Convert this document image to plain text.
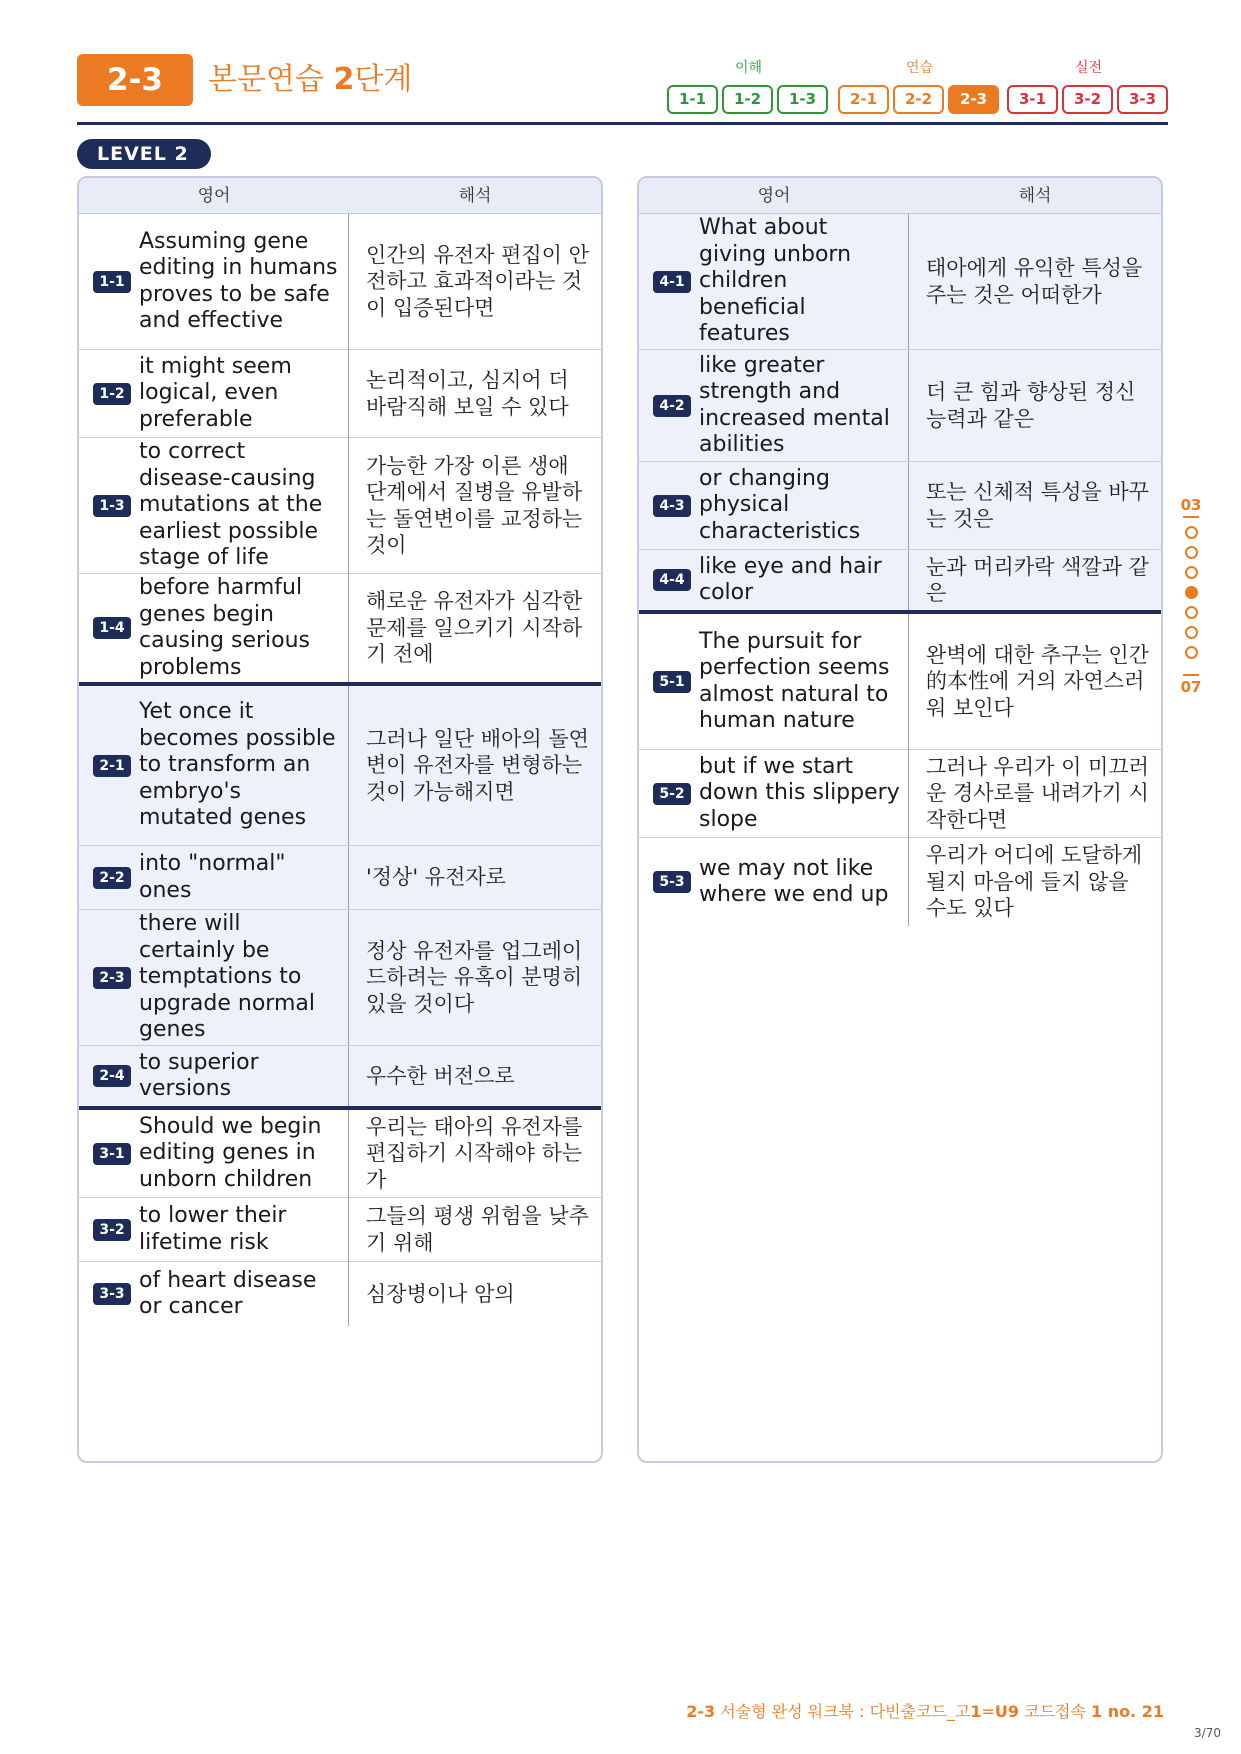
2-3	본문연습 2단계	이해
1-1	1-2	1-3
연습
2-1	2-2	2-3
실전
3-1	3-2	3-3
LEVEL 2
영어	해석
1-1
Assuming gene editing in humans proves to be safe and effective
인간의 유전자 편집이 안전하고 효과적이라는 것이 입증된다면
1-2
it might seem logical, even preferable
논리적이고, 심지어 더 바람직해 보일 수 있다
1-3
to correct disease-causing mutations at the earliest possible stage of life
가능한 가장 이른 생애 단계에서 질병을 유발하는 돌연변이를 교정하는 것이
1-4
before harmful genes begin causing serious problems
해로운 유전자가 심각한 문제를 일으키기 시작하기 전에
2-1
Yet once it becomes possible to transform an embryo's mutated genes
그러나 일단 배아의 돌연변이 유전자를 변형하는 것이 가능해지면
2-2
into "normal" ones
'정상' 유전자로
2-3
there will certainly be temptations to upgrade normal genes
정상 유전자를 업그레이드하려는 유혹이 분명히 있을 것이다
2-4
to superior versions
우수한 버전으로
3-1
Should we begin editing genes in unborn children
우리는 태아의 유전자를 편집하기 시작해야 하는가
3-2
to lower their lifetime risk
그들의 평생 위험을 낮추기 위해
3-3
of heart disease or cancer
심장병이나 암의
영어	해석
4-1
What about giving unborn children beneficial features
태아에게 유익한 특성을 주는 것은 어떠한가
4-2
like greater strength and increased mental abilities
더 큰 힘과 향상된 정신 능력과 같은
4-3
or changing physical characteristics
또는 신체적 특성을 바꾸는 것은
4-4
like eye and hair color
눈과 머리카락 색깔과 같은
5-1
The pursuit for perfection seems almost natural to human nature
완벽에 대한 추구는 인간的本性에 거의 자연스러워 보인다
5-2
but if we start down this slippery slope
그러나 우리가 이 미끄러운 경사로를 내려가기 시작한다면
5-3
we may not like where we end up
우리가 어디에 도달하게 될지 마음에 들지 않을 수도 있다
03
07
2-3 서술형 완성 워크북 : 다빈출코드_고1=U9 코드접속 1 no. 21
3/70
